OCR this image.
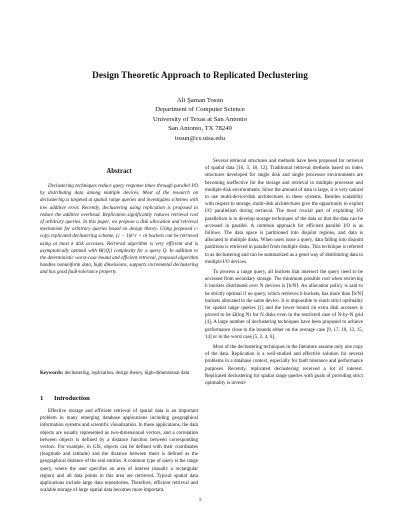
Design Theoretic Approach to Replicated Declustering
Ali Şaman Tosun
Department of Computer Science
University of Texas at San Antonio
San Antonio, TX 78249
tosun@cs.utsa.edu
Abstract

Declustering techniques reduce query response times through parallel I/O by distributing data among multiple devices. Most of the research on declustering is targeted at spatial range queries and investigates schemes with low additive error. Recently, declustering using replication is proposed to reduce the additive overhead. Replication significantly reduces retrieval cost of arbitrary queries. In this paper, we propose a disk allocation and retrieval mechanism for arbitrary queries based on design theory. Using proposed c-copy replicated declustering scheme, (c − 1)k^c + ck buckets can be retrieved using at most k disk accesses. Retrieval algorithm is very efficient and is asymptotically optimal with Θ(|Q|) complexity for a query Q. In addition to the deterministic worst-case bound and efficient retrieval, proposed algorithm handles nonuniform data, high dimensions, supports incremental declustering and has good fault-tolerance property.

Keywords: declustering, replication, design theory, high-dimensional data

1 Introduction

Effective storage and efficient retrieval of spatial data is an important problem in many emerging database applications including geographical information systems and scientific visualization. In these applications, the data objects are usually represented as two-dimensional vectors, and a correlation between objects is defined by a distance function between corresponding vectors. For example, in GIS, objects can be defined with their coordinates (longitude and latitude) and the distance between them is defined as the geographical distance of the real entities. A common type of query is the range query, where the user specifies an area of interest (usually a rectangular region) and all data points in this area are retrieved. Typical spatial data applications include large data repositories. Therefore, efficient retrieval and scalable storage of large spatial data becomes more important.

Several retrieval structures and methods have been proposed for retrieval of spatial data [16, 3, 18, 12]. Traditional retrieval methods based on index structures developed for single disk and single processor environments are becoming ineffective for the storage and retrieval in multiple processor and multiple disk environments. Since the amount of data is large, it is very natural to use multi-device/disk architectures in these systems. Besides scalability with respect to storage, multi-disk architectures give the opportunity to exploit I/O parallelism during retrieval. The most crucial part of exploiting I/O parallelism is to develop storage techniques of the data so that the data can be accessed in parallel. A common approach for efficient parallel I/O is as follows. The data space is partitioned into disjoint regions, and data is allocated to multiple disks. When users issue a query, data falling into disjoint partitions is retrieved in parallel from multiple disks. This technique is referred to as declustering and can be summarized as a good way of distributing data to multiple I/O devices.

To process a range query, all buckets that intersect the query need to be accessed from secondary storage. The minimum possible cost when retrieving b buckets distributed over N devices is ⌈b/N⌉. An allocation policy is said to be strictly optimal if no query, which retrieves b buckets, has more than ⌈b/N⌉ buckets allocated to the same device. It is impossible to reach strict optimality for spatial range queries [1] and the lower bound on extra disk accesses is proved to be Ω(log N) for N disks even in the restricted case of N-by-N grid [4]. A large number of declustering techniques have been proposed to achieve performance close to the bounds either on the average case [9, 17, 10, 13, 15, 14] or in the worst case [5, 2, 4, 6].

Most of the declustering techniques in the literature assume only one copy of the data. Replication is a well-studied and effective solution for several problems in a database context, especially for fault tolerance and performance purposes. Recently, replicated declustering received a lot of interest. Replicated declustering for spatial range queries with goals of providing strict optimality is investi-

1
